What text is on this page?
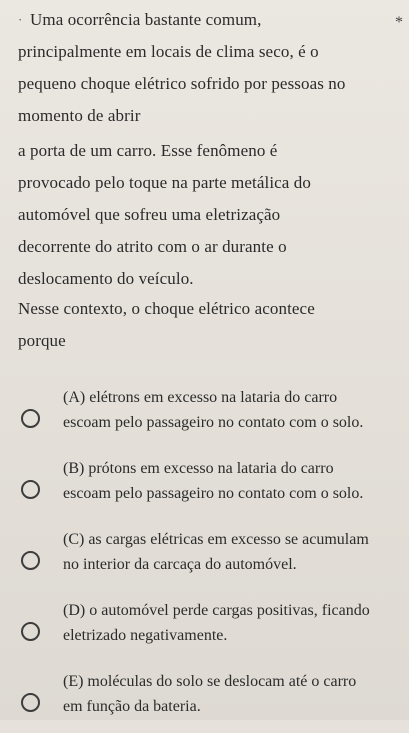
*
· Uma ocorrência bastante comum,

principalmente em locais de clima seco, é o

pequeno choque elétrico sofrido por pessoas no

momento de abrir

a porta de um carro. Esse fenômeno é

provocado pelo toque na parte metálica do

automóvel que sofreu uma eletrização

decorrente do atrito com o ar durante o

deslocamento do veículo.

Nesse contexto, o choque elétrico acontece

porque

(A) elétrons em excesso na lataria do carro
escoam pelo passageiro no contato com o solo.
(B) prótons em excesso na lataria do carro
escoam pelo passageiro no contato com o solo.
(C) as cargas elétricas em excesso se acumulam
no interior da carcaça do automóvel.
(D) o automóvel perde cargas positivas, ficando
eletrizado negativamente.
(E) moléculas do solo se deslocam até o carro
em função da bateria.
